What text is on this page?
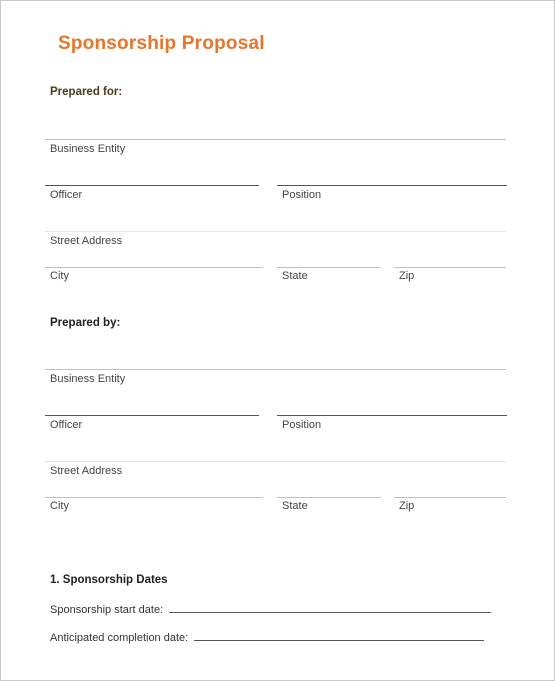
Sponsorship Proposal
Prepared for:
Business Entity
Officer	Position
Street Address
City	State	Zip
Prepared by:
Business Entity
Officer	Position
Street Address
City	State	Zip
1. Sponsorship Dates
Sponsorship start date:
Anticipated completion date:
